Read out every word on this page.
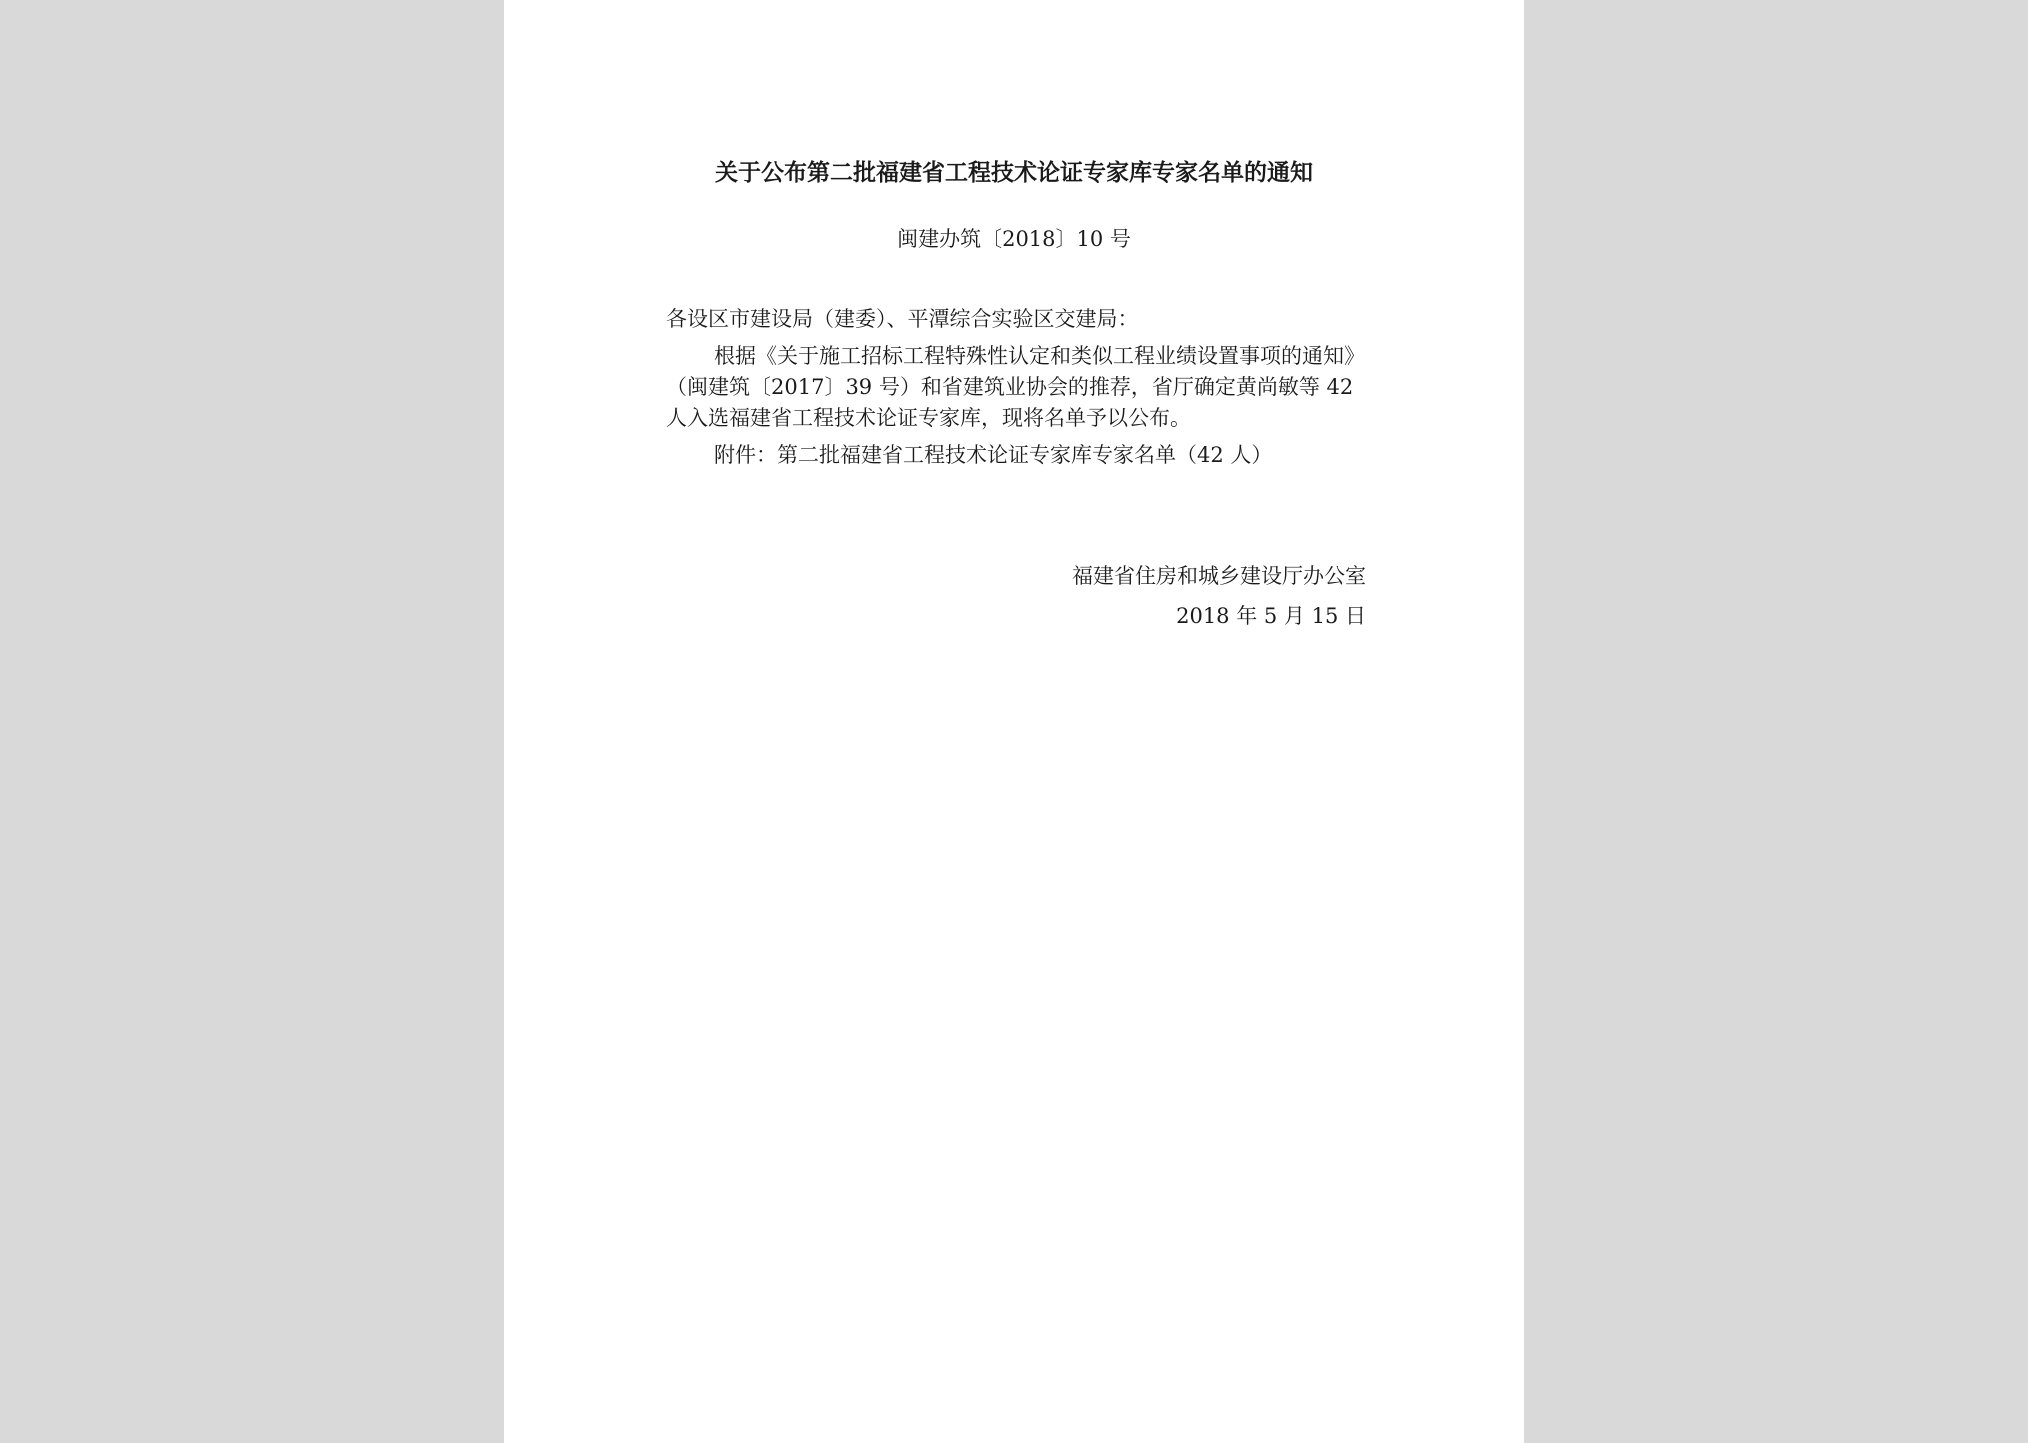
关于公布第二批福建省工程技术论证专家库专家名单的通知
闽建办筑〔2018〕10 号

各设区市建设局（建委）、平潭综合实验区交建局：

根据《关于施工招标工程特殊性认定和类似工程业绩设置事项的通知》（闽建筑〔2017〕39 号）和省建筑业协会的推荐，省厅确定黄尚敏等 42 人入选福建省工程技术论证专家库，现将名单予以公布。

附件：第二批福建省工程技术论证专家库专家名单（42 人）

福建省住房和城乡建设厅办公室
2018 年 5 月 15 日
